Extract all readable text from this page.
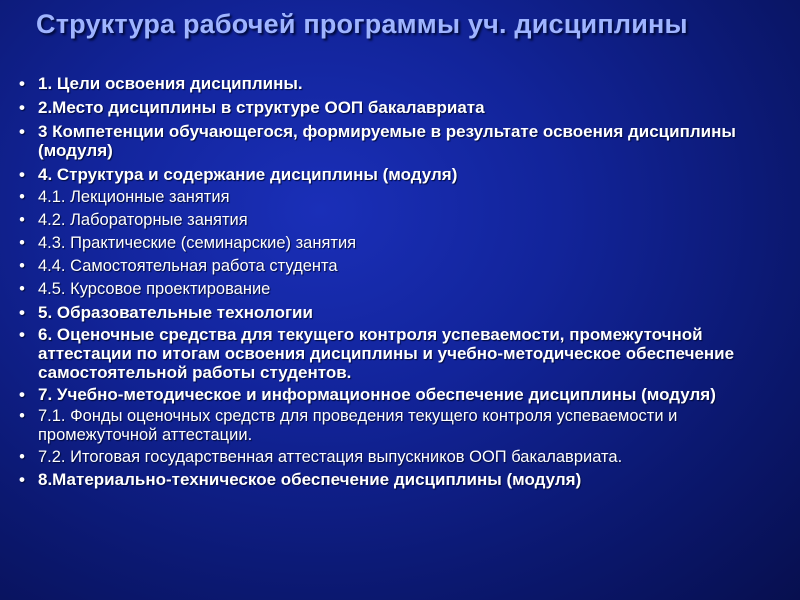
Структура рабочей программы уч. дисциплины
• 1. Цели освоения дисциплины.
• 2.Место дисциплины в структуре ООП бакалавриата
• 3 Компетенции обучающегося, формируемые в результате освоения дисциплины (модуля)
• 4. Структура и содержание дисциплины (модуля)
• 4.1. Лекционные занятия
• 4.2. Лабораторные занятия
• 4.3. Практические (семинарские) занятия
• 4.4. Самостоятельная работа студента
• 4.5. Курсовое проектирование
• 5. Образовательные технологии
• 6. Оценочные средства для текущего контроля успеваемости, промежуточной аттестации по итогам освоения дисциплины и учебно-методическое обеспечение самостоятельной работы студентов.
• 7. Учебно-методическое и информационное обеспечение дисциплины (модуля)
• 7.1. Фонды оценочных средств для проведения текущего контроля успеваемости и промежуточной аттестации.
• 7.2. Итоговая государственная аттестация выпускников ООП бакалавриата.
• 8.Материально-техническое обеспечение дисциплины (модуля)
